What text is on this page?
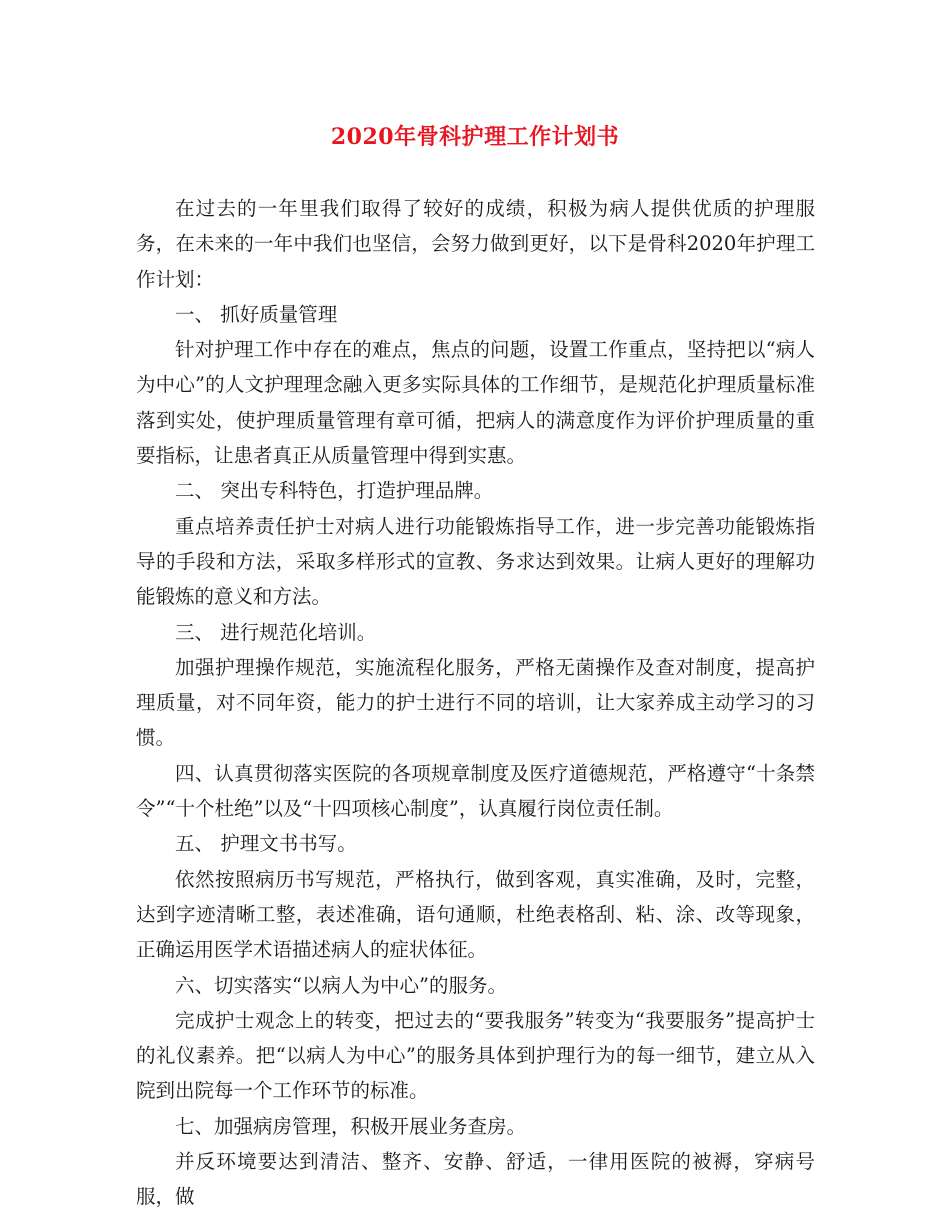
2020年骨科护理工作计划书

在过去的一年里我们取得了较好的成绩，积极为病人提供优质的护理服务，在未来的一年中我们也坚信，会努力做到更好，以下是骨科2020年护理工作计划：

一、 抓好质量管理

针对护理工作中存在的难点，焦点的问题，设置工作重点，坚持把以“病人为中心”的人文护理理念融入更多实际具体的工作细节，是规范化护理质量标准落到实处，使护理质量管理有章可循，把病人的满意度作为评价护理质量的重要指标，让患者真正从质量管理中得到实惠。

二、 突出专科特色，打造护理品牌。

重点培养责任护士对病人进行功能锻炼指导工作，进一步完善功能锻炼指导的手段和方法，采取多样形式的宣教、务求达到效果。让病人更好的理解功能锻炼的意义和方法。

三、 进行规范化培训。

加强护理操作规范，实施流程化服务，严格无菌操作及查对制度，提高护理质量，对不同年资，能力的护士进行不同的培训，让大家养成主动学习的习惯。

四、认真贯彻落实医院的各项规章制度及医疗道德规范，严格遵守“十条禁令”“十个杜绝”以及“十四项核心制度”，认真履行岗位责任制。

五、 护理文书书写。

依然按照病历书写规范，严格执行，做到客观，真实准确，及时，完整，达到字迹清晰工整，表述准确，语句通顺，杜绝表格刮、粘、涂、改等现象，正确运用医学术语描述病人的症状体征。

六、切实落实“以病人为中心”的服务。

完成护士观念上的转变，把过去的“要我服务”转变为“我要服务”提高护士的礼仪素养。把“以病人为中心”的服务具体到护理行为的每一细节，建立从入院到出院每一个工作环节的标准。

七、加强病房管理，积极开展业务查房。

并反环境要达到清洁、整齐、安静、舒适，一律用医院的被褥，穿病号服，做
